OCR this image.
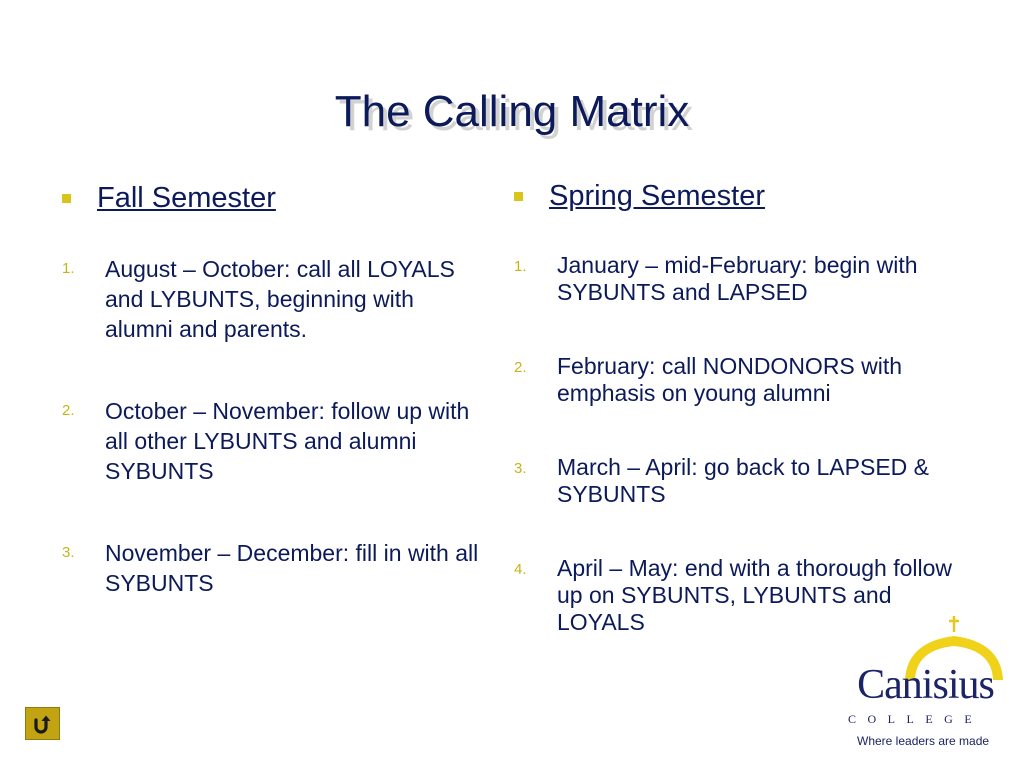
The Calling Matrix
Fall Semester
1.	August – October: call all LOYALS and LYBUNTS, beginning with alumni and parents.
2.	October – November: follow up with all other LYBUNTS and alumni SYBUNTS
3.	November – December: fill in with all SYBUNTS
Spring Semester
1.	January – mid-February: begin with SYBUNTS and LAPSED
2.	February: call NONDONORS with emphasis on young alumni
3.	March – April: go back to LAPSED & SYBUNTS
4.	April – May: end with a thorough follow up on SYBUNTS, LYBUNTS and LOYALS
Canisius
COLLEGE
Where leaders are made
